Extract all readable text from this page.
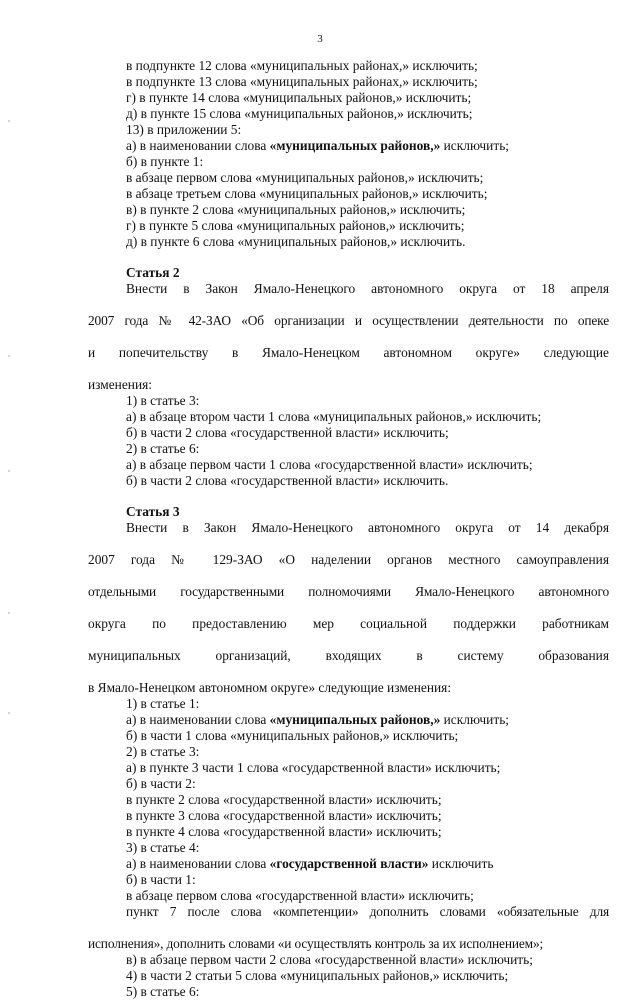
3
в подпункте 12 слова «муниципальных районах,» исключить;
в подпункте 13 слова «муниципальных районах,» исключить;
г) в пункте 14 слова «муниципальных районов,» исключить;
д) в пункте 15 слова «муниципальных районов,» исключить;
13) в приложении 5:
а) в наименовании слова «муниципальных районов,» исключить;
б) в пункте 1:
в абзаце первом слова «муниципальных районов,» исключить;
в абзаце третьем слова «муниципальных районов,» исключить;
в) в пункте 2 слова «муниципальных районов,» исключить;
г) в пункте 5 слова «муниципальных районов,» исключить;
д) в пункте 6 слова «муниципальных районов,» исключить.
Статья 2
Внести в Закон Ямало-Ненецкого автономного округа от 18 апреля
2007 года № 42-ЗАО «Об организации и осуществлении деятельности по опеке
и попечительству в Ямало-Ненецком автономном округе» следующие
изменения:
1) в статье 3:
а) в абзаце втором части 1 слова «муниципальных районов,» исключить;
б) в части 2 слова «государственной власти» исключить;
2) в статье 6:
а) в абзаце первом части 1 слова «государственной власти» исключить;
б) в части 2 слова «государственной власти» исключить.
Статья 3
Внести в Закон Ямало-Ненецкого автономного округа от 14 декабря
2007 года № 129-ЗАО «О наделении органов местного самоуправления
отдельными государственными полномочиями Ямало-Ненецкого автономного
округа по предоставлению мер социальной поддержки работникам
муниципальных организаций, входящих в систему образования
в Ямало-Ненецком автономном округе» следующие изменения:
1) в статье 1:
а) в наименовании слова «муниципальных районов,» исключить;
б) в части 1 слова «муниципальных районов,» исключить;
2) в статье 3:
а) в пункте 3 части 1 слова «государственной власти» исключить;
б) в части 2:
в пункте 2 слова «государственной власти» исключить;
в пункте 3 слова «государственной власти» исключить;
в пункте 4 слова «государственной власти» исключить;
3) в статье 4:
а) в наименовании слова «государственной власти» исключить
б) в части 1:
в абзаце первом слова «государственной власти» исключить;
пункт 7 после слова «компетенции» дополнить словами «обязательные для
исполнения», дополнить словами «и осуществлять контроль за их исполнением»;
в) в абзаце первом части 2 слова «государственной власти» исключить;
4) в части 2 статьи 5 слова «муниципальных районов,» исключить;
5) в статье 6:
